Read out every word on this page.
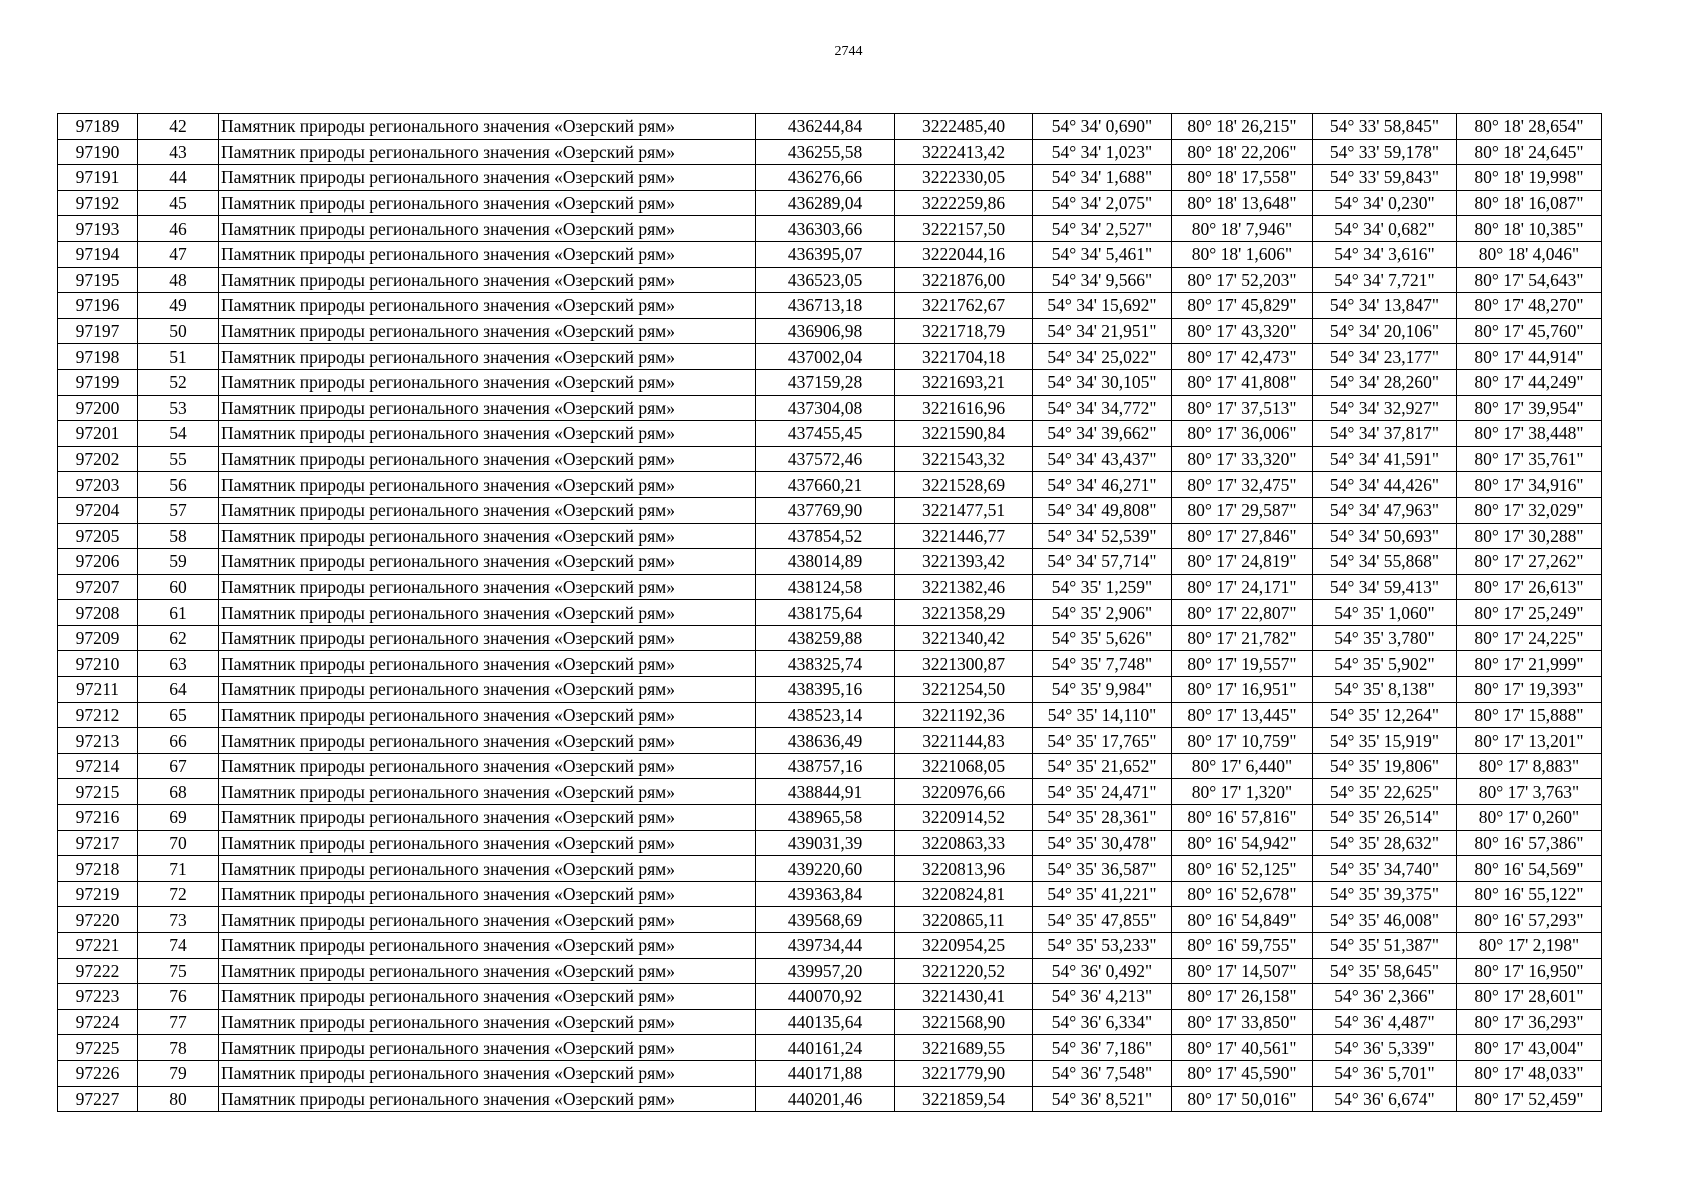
2744
97189	42	Памятник природы регионального значения «Озерский рям»	436244,84	3222485,40	54° 34' 0,690"	80° 18' 26,215"	54° 33' 58,845"	80° 18' 28,654"
97190	43	Памятник природы регионального значения «Озерский рям»	436255,58	3222413,42	54° 34' 1,023"	80° 18' 22,206"	54° 33' 59,178"	80° 18' 24,645"
97191	44	Памятник природы регионального значения «Озерский рям»	436276,66	3222330,05	54° 34' 1,688"	80° 18' 17,558"	54° 33' 59,843"	80° 18' 19,998"
97192	45	Памятник природы регионального значения «Озерский рям»	436289,04	3222259,86	54° 34' 2,075"	80° 18' 13,648"	54° 34' 0,230"	80° 18' 16,087"
97193	46	Памятник природы регионального значения «Озерский рям»	436303,66	3222157,50	54° 34' 2,527"	80° 18' 7,946"	54° 34' 0,682"	80° 18' 10,385"
97194	47	Памятник природы регионального значения «Озерский рям»	436395,07	3222044,16	54° 34' 5,461"	80° 18' 1,606"	54° 34' 3,616"	80° 18' 4,046"
97195	48	Памятник природы регионального значения «Озерский рям»	436523,05	3221876,00	54° 34' 9,566"	80° 17' 52,203"	54° 34' 7,721"	80° 17' 54,643"
97196	49	Памятник природы регионального значения «Озерский рям»	436713,18	3221762,67	54° 34' 15,692"	80° 17' 45,829"	54° 34' 13,847"	80° 17' 48,270"
97197	50	Памятник природы регионального значения «Озерский рям»	436906,98	3221718,79	54° 34' 21,951"	80° 17' 43,320"	54° 34' 20,106"	80° 17' 45,760"
97198	51	Памятник природы регионального значения «Озерский рям»	437002,04	3221704,18	54° 34' 25,022"	80° 17' 42,473"	54° 34' 23,177"	80° 17' 44,914"
97199	52	Памятник природы регионального значения «Озерский рям»	437159,28	3221693,21	54° 34' 30,105"	80° 17' 41,808"	54° 34' 28,260"	80° 17' 44,249"
97200	53	Памятник природы регионального значения «Озерский рям»	437304,08	3221616,96	54° 34' 34,772"	80° 17' 37,513"	54° 34' 32,927"	80° 17' 39,954"
97201	54	Памятник природы регионального значения «Озерский рям»	437455,45	3221590,84	54° 34' 39,662"	80° 17' 36,006"	54° 34' 37,817"	80° 17' 38,448"
97202	55	Памятник природы регионального значения «Озерский рям»	437572,46	3221543,32	54° 34' 43,437"	80° 17' 33,320"	54° 34' 41,591"	80° 17' 35,761"
97203	56	Памятник природы регионального значения «Озерский рям»	437660,21	3221528,69	54° 34' 46,271"	80° 17' 32,475"	54° 34' 44,426"	80° 17' 34,916"
97204	57	Памятник природы регионального значения «Озерский рям»	437769,90	3221477,51	54° 34' 49,808"	80° 17' 29,587"	54° 34' 47,963"	80° 17' 32,029"
97205	58	Памятник природы регионального значения «Озерский рям»	437854,52	3221446,77	54° 34' 52,539"	80° 17' 27,846"	54° 34' 50,693"	80° 17' 30,288"
97206	59	Памятник природы регионального значения «Озерский рям»	438014,89	3221393,42	54° 34' 57,714"	80° 17' 24,819"	54° 34' 55,868"	80° 17' 27,262"
97207	60	Памятник природы регионального значения «Озерский рям»	438124,58	3221382,46	54° 35' 1,259"	80° 17' 24,171"	54° 34' 59,413"	80° 17' 26,613"
97208	61	Памятник природы регионального значения «Озерский рям»	438175,64	3221358,29	54° 35' 2,906"	80° 17' 22,807"	54° 35' 1,060"	80° 17' 25,249"
97209	62	Памятник природы регионального значения «Озерский рям»	438259,88	3221340,42	54° 35' 5,626"	80° 17' 21,782"	54° 35' 3,780"	80° 17' 24,225"
97210	63	Памятник природы регионального значения «Озерский рям»	438325,74	3221300,87	54° 35' 7,748"	80° 17' 19,557"	54° 35' 5,902"	80° 17' 21,999"
97211	64	Памятник природы регионального значения «Озерский рям»	438395,16	3221254,50	54° 35' 9,984"	80° 17' 16,951"	54° 35' 8,138"	80° 17' 19,393"
97212	65	Памятник природы регионального значения «Озерский рям»	438523,14	3221192,36	54° 35' 14,110"	80° 17' 13,445"	54° 35' 12,264"	80° 17' 15,888"
97213	66	Памятник природы регионального значения «Озерский рям»	438636,49	3221144,83	54° 35' 17,765"	80° 17' 10,759"	54° 35' 15,919"	80° 17' 13,201"
97214	67	Памятник природы регионального значения «Озерский рям»	438757,16	3221068,05	54° 35' 21,652"	80° 17' 6,440"	54° 35' 19,806"	80° 17' 8,883"
97215	68	Памятник природы регионального значения «Озерский рям»	438844,91	3220976,66	54° 35' 24,471"	80° 17' 1,320"	54° 35' 22,625"	80° 17' 3,763"
97216	69	Памятник природы регионального значения «Озерский рям»	438965,58	3220914,52	54° 35' 28,361"	80° 16' 57,816"	54° 35' 26,514"	80° 17' 0,260"
97217	70	Памятник природы регионального значения «Озерский рям»	439031,39	3220863,33	54° 35' 30,478"	80° 16' 54,942"	54° 35' 28,632"	80° 16' 57,386"
97218	71	Памятник природы регионального значения «Озерский рям»	439220,60	3220813,96	54° 35' 36,587"	80° 16' 52,125"	54° 35' 34,740"	80° 16' 54,569"
97219	72	Памятник природы регионального значения «Озерский рям»	439363,84	3220824,81	54° 35' 41,221"	80° 16' 52,678"	54° 35' 39,375"	80° 16' 55,122"
97220	73	Памятник природы регионального значения «Озерский рям»	439568,69	3220865,11	54° 35' 47,855"	80° 16' 54,849"	54° 35' 46,008"	80° 16' 57,293"
97221	74	Памятник природы регионального значения «Озерский рям»	439734,44	3220954,25	54° 35' 53,233"	80° 16' 59,755"	54° 35' 51,387"	80° 17' 2,198"
97222	75	Памятник природы регионального значения «Озерский рям»	439957,20	3221220,52	54° 36' 0,492"	80° 17' 14,507"	54° 35' 58,645"	80° 17' 16,950"
97223	76	Памятник природы регионального значения «Озерский рям»	440070,92	3221430,41	54° 36' 4,213"	80° 17' 26,158"	54° 36' 2,366"	80° 17' 28,601"
97224	77	Памятник природы регионального значения «Озерский рям»	440135,64	3221568,90	54° 36' 6,334"	80° 17' 33,850"	54° 36' 4,487"	80° 17' 36,293"
97225	78	Памятник природы регионального значения «Озерский рям»	440161,24	3221689,55	54° 36' 7,186"	80° 17' 40,561"	54° 36' 5,339"	80° 17' 43,004"
97226	79	Памятник природы регионального значения «Озерский рям»	440171,88	3221779,90	54° 36' 7,548"	80° 17' 45,590"	54° 36' 5,701"	80° 17' 48,033"
97227	80	Памятник природы регионального значения «Озерский рям»	440201,46	3221859,54	54° 36' 8,521"	80° 17' 50,016"	54° 36' 6,674"	80° 17' 52,459"
